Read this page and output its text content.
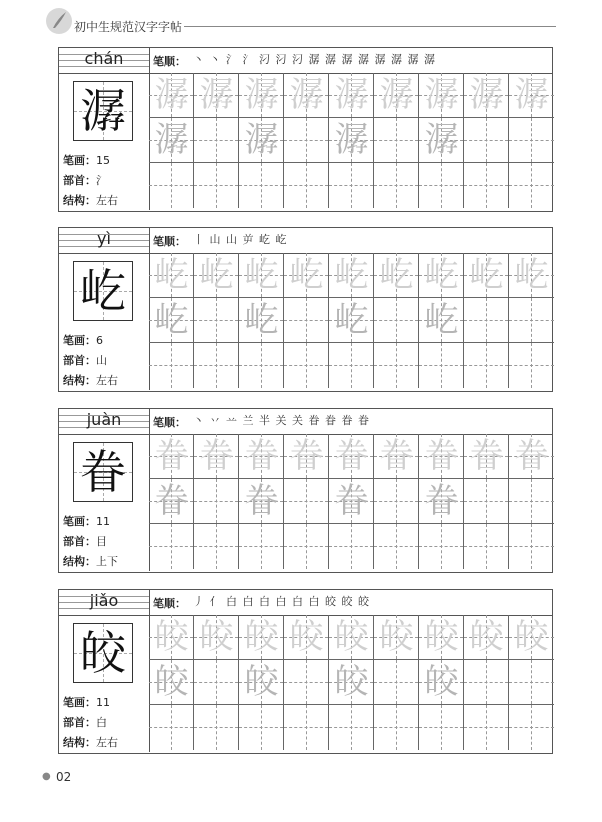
初中生规范汉字字帖
chán
潺
笔画：15
部首：氵
结构：左右
笔顺： 丶 丶 氵 氵 汈 汈 汈 潺 潺 潺 潺 潺 潺 潺 潺
潺 潺 潺 潺 潺 潺 潺 潺 潺
潺 潺 潺 潺
yì
屹
笔画：6
部首：山
结构：左右
笔顺： 丨 山 山 屰 屹 屹
屹 屹 屹 屹 屹 屹 屹 屹 屹
屹 屹 屹 屹
juàn
眷
笔画：11
部首：目
结构：上下
笔顺： 丶 丷 䒑 兰 半 关 关 眷 眷 眷 眷
眷 眷 眷 眷 眷 眷 眷 眷 眷
眷 眷 眷 眷
jiǎo
皎
笔画：11
部首：白
结构：左右
笔顺： 丿 亻 白 白 白 白 白 白 皎 皎 皎
皎 皎 皎 皎 皎 皎 皎 皎 皎
皎 皎 皎 皎
● 02
